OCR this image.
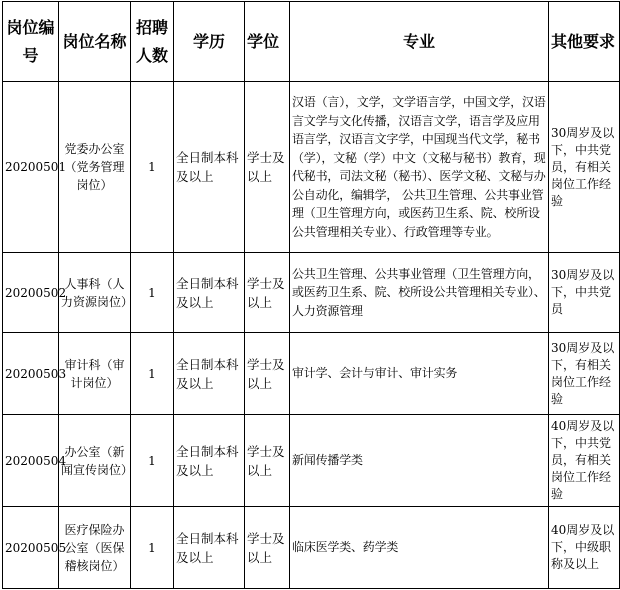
岗位编号	岗位名称	招聘人数	学历	学位	专业	其他要求
20200501	党委办公室（党务管理岗位）	1	全日制本科及以上	学士及以上	汉语（言），文学，文学语言学，中国文学，汉语言文学与文化传播，汉语言文学，语言学及应用语言学，汉语言文字学，中国现当代文学，秘书（学），文秘（学）中文（文秘与秘书）教育，现代秘书，司法文秘（秘书）、医学文秘、文秘与办公自动化，编辑学， 公共卫生管理、公共事业管理（卫生管理方向，或医药卫生系、院、校所设公共管理相关专业）、行政管理等专业。	30周岁及以下，中共党员，有相关岗位工作经验
20200502	人事科（人力资源岗位）	1	全日制本科及以上	学士及以上	公共卫生管理、公共事业管理（卫生管理方向，或医药卫生系、院、校所设公共管理相关专业）、人力资源管理	30周岁及以下，中共党员
20200503	审计科（审计岗位）	1	全日制本科及以上	学士及以上	审计学、会计与审计、审计实务	30周岁及以下，有相关岗位工作经验
20200504	办公室（新闻宣传岗位）	1	全日制本科及以上	学士及以上	新闻传播学类	40周岁及以下，中共党员，有相关岗位工作经验
20200505	医疗保险办公室（医保稽核岗位）	1	全日制本科及以上	学士及以上	临床医学类、药学类	40周岁及以下，中级职称及以上
